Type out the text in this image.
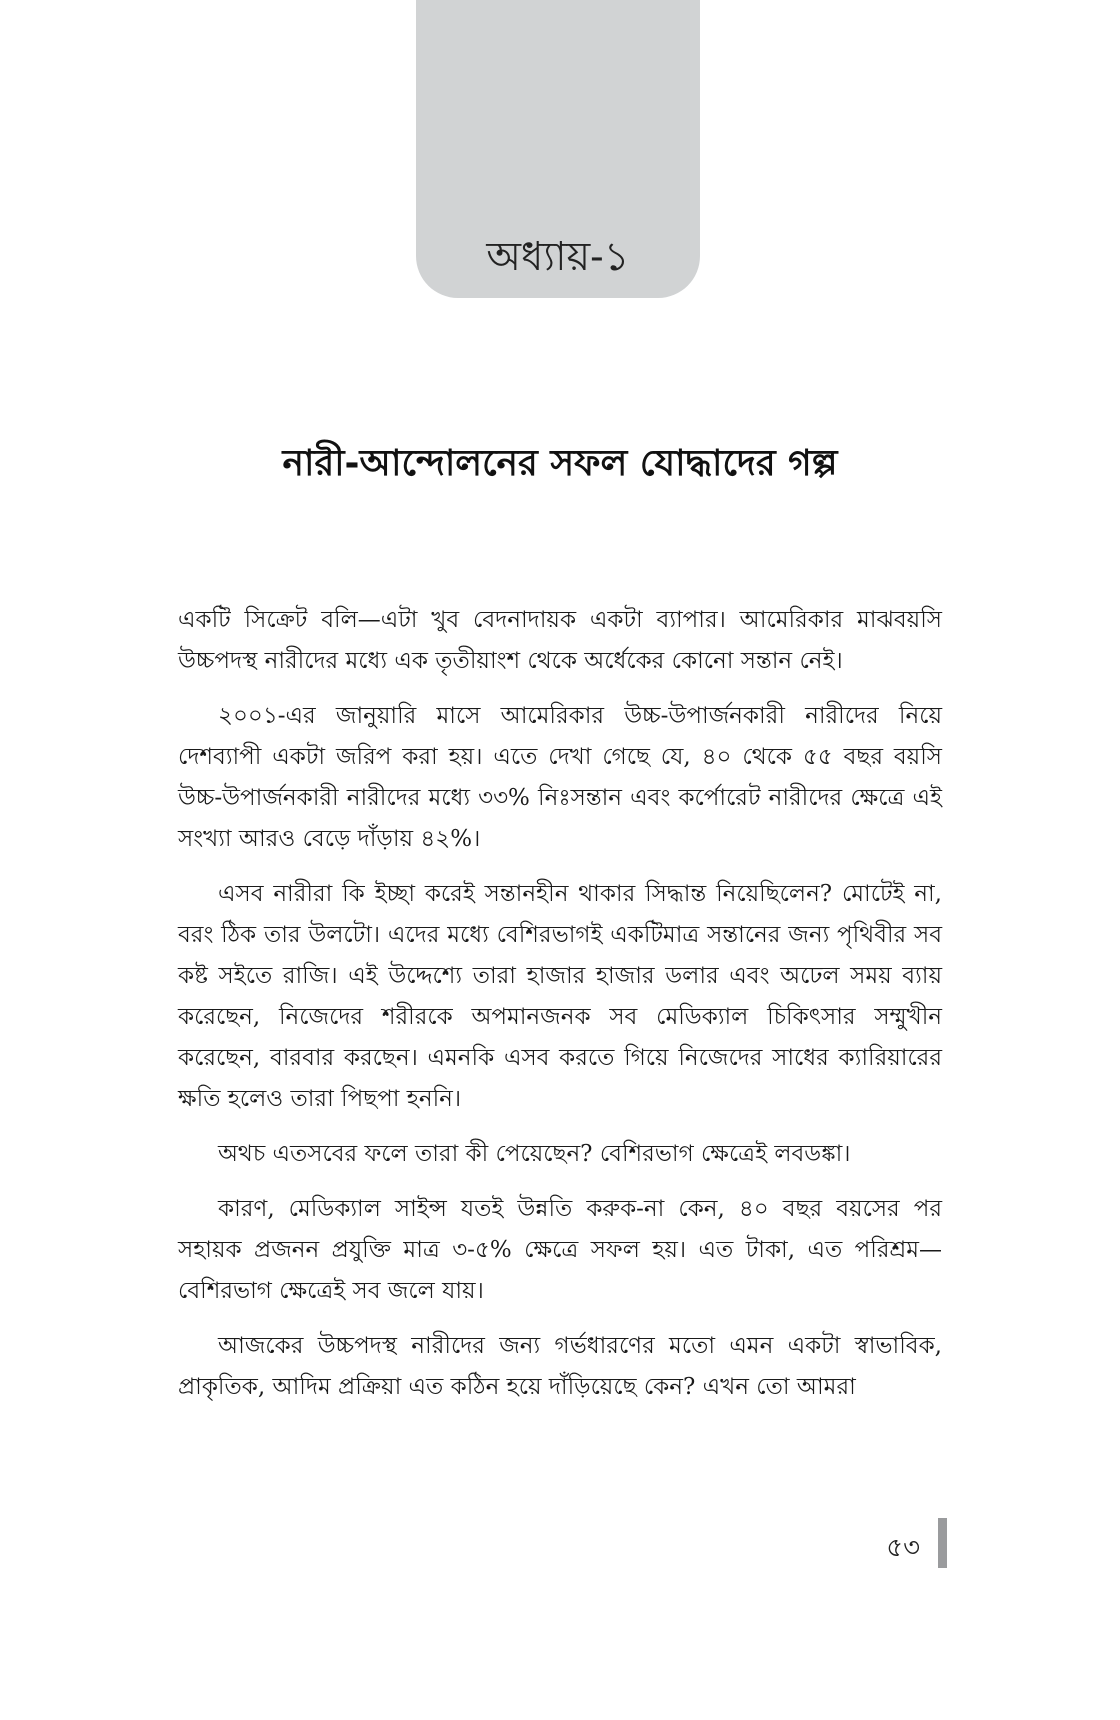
অধ্যায়-১
নারী-আন্দোলনের সফল যোদ্ধাদের গল্প

একটি সিক্রেট বলি—এটা খুব বেদনাদায়ক একটা ব্যাপার। আমেরিকার মাঝবয়সি উচ্চপদস্থ নারীদের মধ্যে এক তৃতীয়াংশ থেকে অর্ধেকের কোনো সন্তান নেই।

২০০১-এর জানুয়ারি মাসে আমেরিকার উচ্চ-উপার্জনকারী নারীদের নিয়ে দেশব্যাপী একটা জরিপ করা হয়। এতে দেখা গেছে যে, ৪০ থেকে ৫৫ বছর বয়সি উচ্চ-উপার্জনকারী নারীদের মধ্যে ৩৩% নিঃসন্তান এবং কর্পোরেট নারীদের ক্ষেত্রে এই সংখ্যা আরও বেড়ে দাঁড়ায় ৪২%।

এসব নারীরা কি ইচ্ছা করেই সন্তানহীন থাকার সিদ্ধান্ত নিয়েছিলেন? মোটেই না, বরং ঠিক তার উলটো। এদের মধ্যে বেশিরভাগই একটিমাত্র সন্তানের জন্য পৃথিবীর সব কষ্ট সইতে রাজি। এই উদ্দেশ্যে তারা হাজার হাজার ডলার এবং অঢেল সময় ব্যায় করেছেন, নিজেদের শরীরকে অপমানজনক সব মেডিক্যাল চিকিৎসার সম্মুখীন করেছেন, বারবার করছেন। এমনকি এসব করতে গিয়ে নিজেদের সাধের ক্যারিয়ারের ক্ষতি হলেও তারা পিছপা হননি।

অথচ এতসবের ফলে তারা কী পেয়েছেন? বেশিরভাগ ক্ষেত্রেই লবডঙ্কা।

কারণ, মেডিক্যাল সাইন্স যতই উন্নতি করুক-না কেন, ৪০ বছর বয়সের পর সহায়ক প্রজনন প্রযুক্তি মাত্র ৩-৫% ক্ষেত্রে সফল হয়। এত টাকা, এত পরিশ্রম—বেশিরভাগ ক্ষেত্রেই সব জলে যায়।

আজকের উচ্চপদস্থ নারীদের জন্য গর্ভধারণের মতো এমন একটা স্বাভাবিক, প্রাকৃতিক, আদিম প্রক্রিয়া এত কঠিন হয়ে দাঁড়িয়েছে কেন? এখন তো আমরা

৫৩
